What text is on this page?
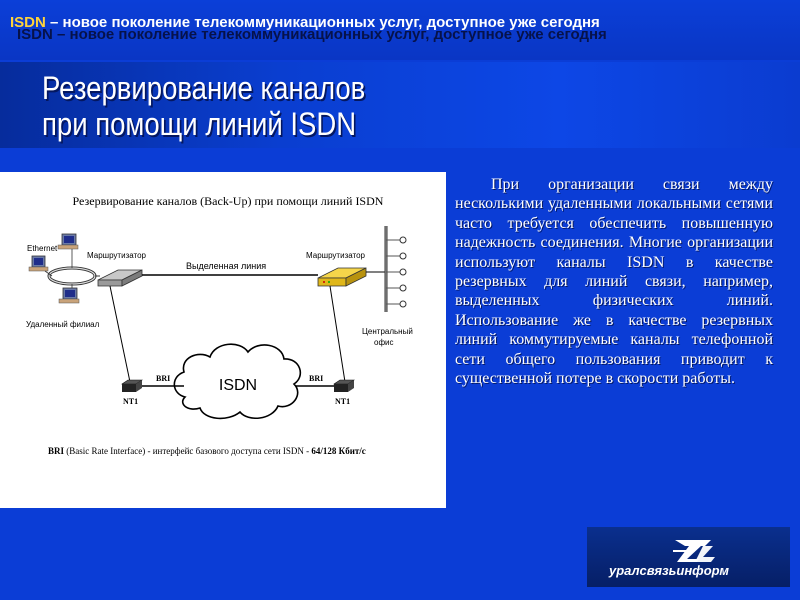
ISDN – новое поколение телекоммуникационных услуг, доступное уже сегодня
ISDN – новое поколение телекоммуникационных услуг, доступное уже сегодня
Резервирование каналов
при помощи линий ISDN
Резервирование каналов (Back-Up) при помощи линий ISDN
Ethernet
Удаленный филиал
Маршрутизатор
Выделенная линия
Маршрутизатор
Центральный
офис
ISDN
BRI
NT1
BRI
NT1
BRI (Basic Rate Interface) - интерфейс базового доступа сети ISDN - 64/128 Кбит/с

При организации связи между несколькими удаленными локальными сетями часто требуется обеспечить повышенную надежность соединения. Многие организации используют каналы ISDN в качестве резервных для линий связи, например, выделенных физических линий. Использование же в качестве резервных линий коммутируемые каналы телефонной сети общего пользования приводит к существенной потере в скорости работы.

уралсвязьинформ
